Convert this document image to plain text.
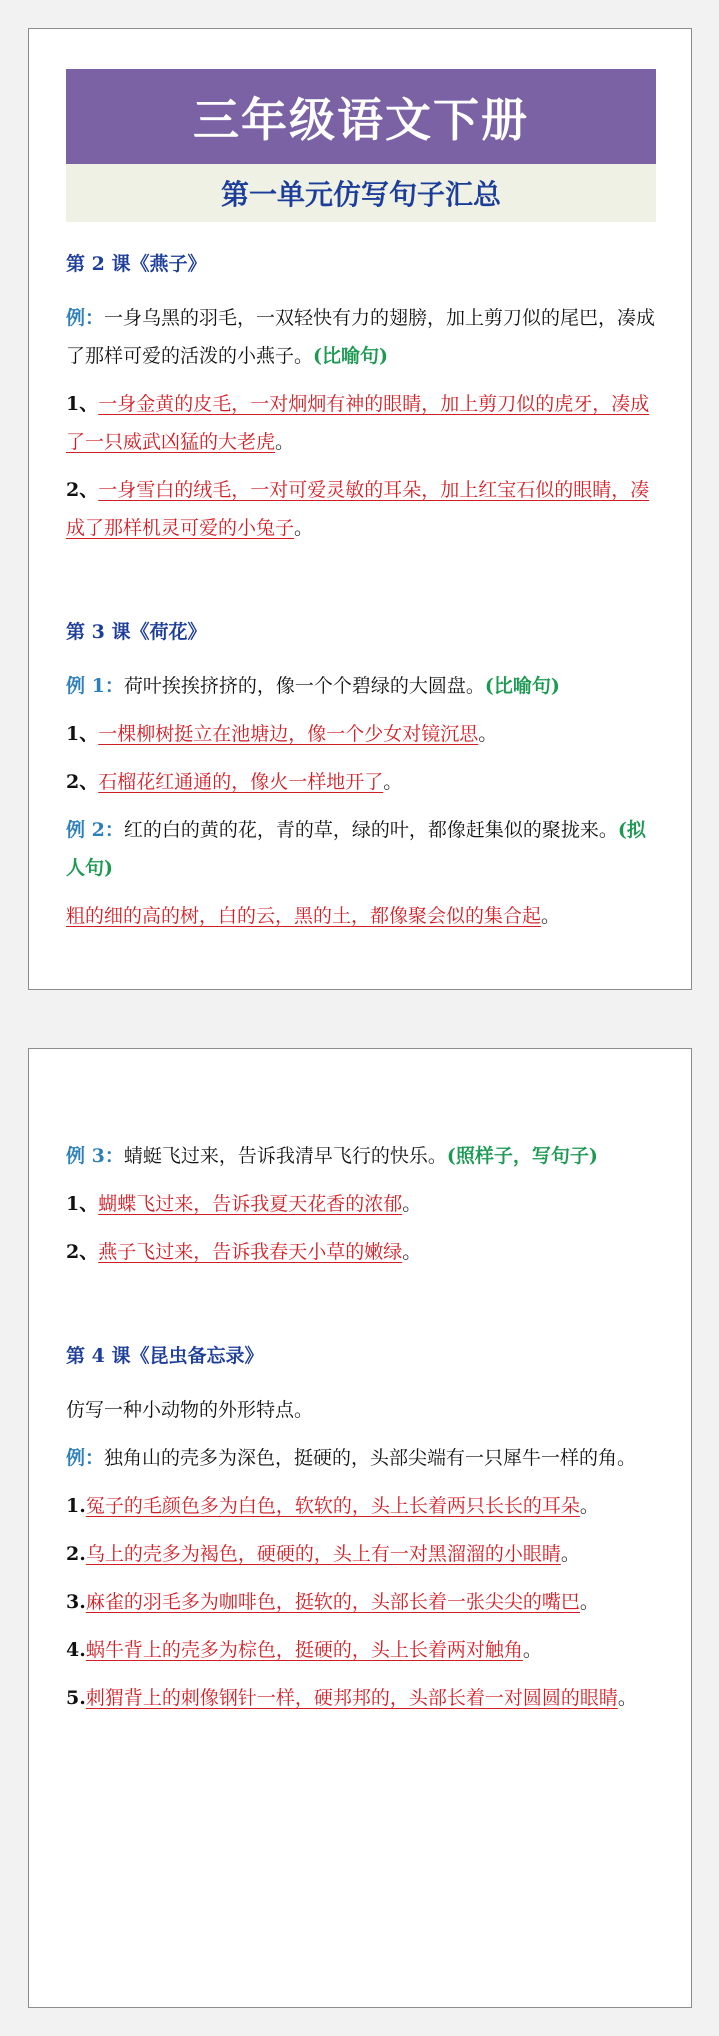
三年级语文下册
第一单元仿写句子汇总
第 2 课《燕子》
例：一身乌黑的羽毛，一双轻快有力的翅膀，加上剪刀似的尾巴，凑成了那样可爱的活泼的小燕子。(比喻句)
1、一身金黄的皮毛，一对炯炯有神的眼睛，加上剪刀似的虎牙，凑成了一只威武凶猛的大老虎。
2、一身雪白的绒毛，一对可爱灵敏的耳朵，加上红宝石似的眼睛，凑成了那样机灵可爱的小兔子。
第 3 课《荷花》
例 1：荷叶挨挨挤挤的，像一个个碧绿的大圆盘。(比喻句)
1、一棵柳树挺立在池塘边，像一个少女对镜沉思。
2、石榴花红通通的，像火一样地开了。
例 2：红的白的黄的花，青的草，绿的叶，都像赶集似的聚拢来。(拟人句)
粗的细的高的树，白的云，黑的土，都像聚会似的集合起。
例 3：蜻蜓飞过来，告诉我清早飞行的快乐。(照样子，写句子)
1、蝴蝶飞过来，告诉我夏天花香的浓郁。
2、燕子飞过来，告诉我春天小草的嫩绿。
第 4 课《昆虫备忘录》
仿写一种小动物的外形特点。
例：独角山的壳多为深色，挺硬的，头部尖端有一只犀牛一样的角。
1.冤子的毛颜色多为白色，软软的，头上长着两只长长的耳朵。
2.乌上的壳多为褐色，硬硬的，头上有一对黑溜溜的小眼睛。
3.麻雀的羽毛多为咖啡色，挺软的，头部长着一张尖尖的嘴巴。
4.蜗牛背上的壳多为棕色，挺硬的，头上长着两对触角。
5.刺猬背上的刺像钢针一样，硬邦邦的，头部长着一对圆圆的眼睛。
